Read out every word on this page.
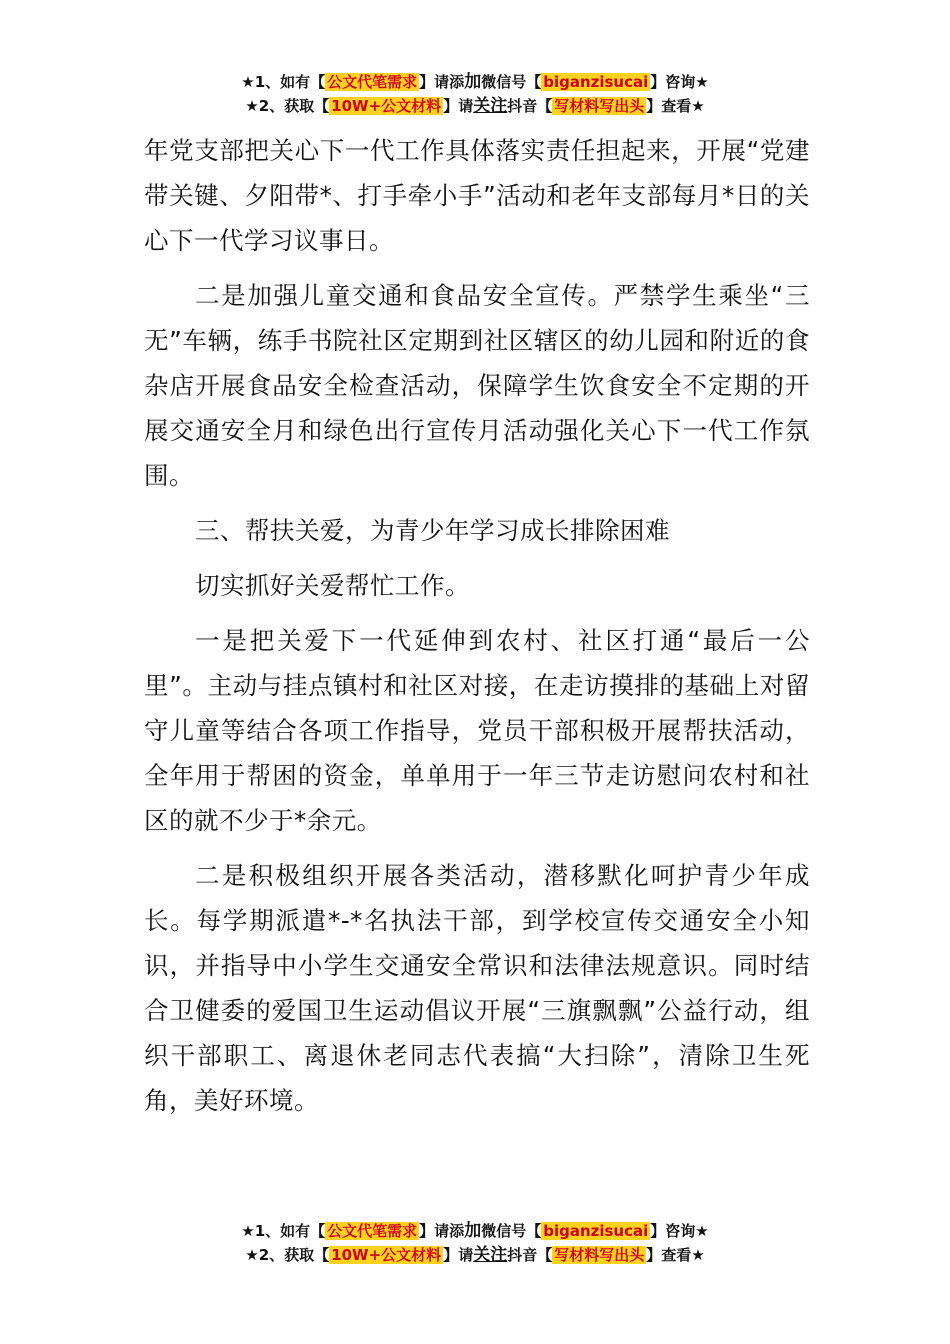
★1、如有【 公文代笔需求 】请添加微信号【 biganzisucai 】咨询★
★2、获取【 10W+公文材料 】请关注抖音【 写材料写出头 】查看★

年党支部把关心下一代工作具体落实责任担起来，开展“党建带关键、夕阳带*、打手牵小手”活动和老年支部每月*日的关心下一代学习议事日。

二是加强儿童交通和食品安全宣传。严禁学生乘坐“三无”车辆，练手书院社区定期到社区辖区的幼儿园和附近的食杂店开展食品安全检查活动，保障学生饮食安全不定期的开展交通安全月和绿色出行宣传月活动强化关心下一代工作氛围。

三、帮扶关爱，为青少年学习成长排除困难

切实抓好关爱帮忙工作。

一是把关爱下一代延伸到农村、社区打通“最后一公里”。主动与挂点镇村和社区对接，在走访摸排的基础上对留守儿童等结合各项工作指导，党员干部积极开展帮扶活动，全年用于帮困的资金，单单用于一年三节走访慰问农村和社区的就不少于*余元。

二是积极组织开展各类活动，潜移默化呵护青少年成长。每学期派遣*-*名执法干部，到学校宣传交通安全小知识，并指导中小学生交通安全常识和法律法规意识。同时结合卫健委的爱国卫生运动倡议开展“三旗飘飘”公益行动，组织干部职工、离退休老同志代表搞“大扫除”，清除卫生死角，美好环境。

★1、如有【 公文代笔需求 】请添加微信号【 biganzisucai 】咨询★
★2、获取【 10W+公文材料 】请关注抖音【 写材料写出头 】查看★
